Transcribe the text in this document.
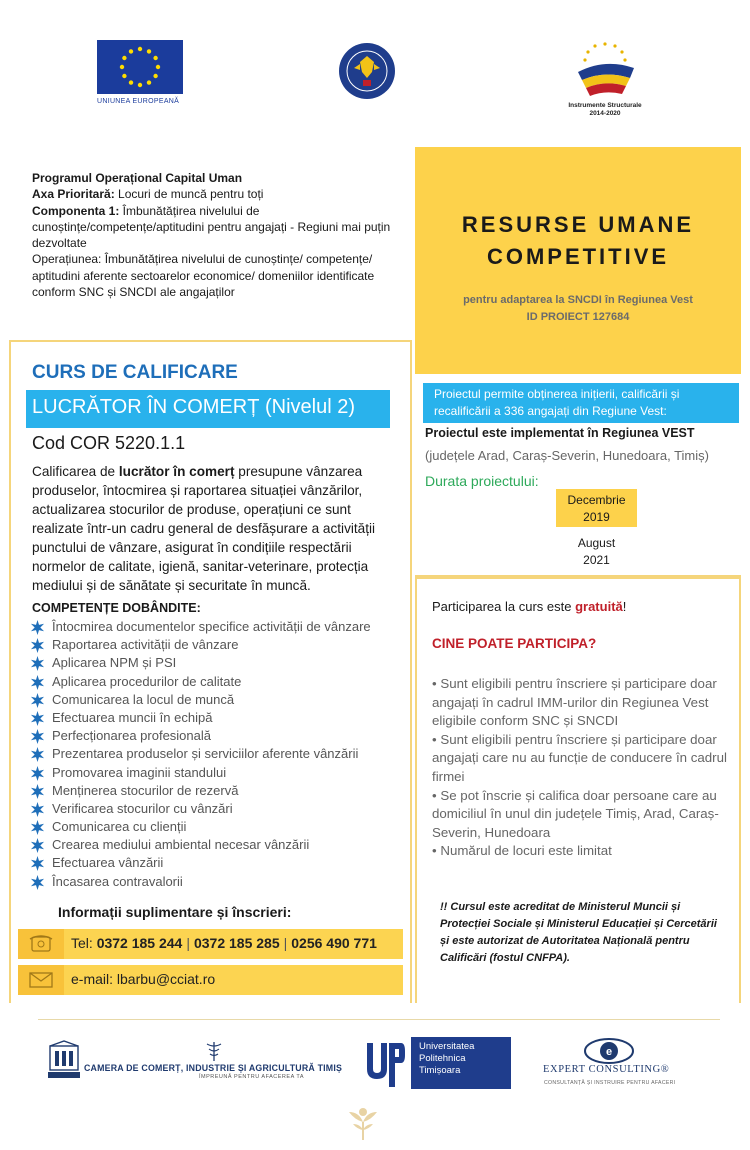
UNIUNEA EUROPEANĂ
Instrumente Structurale
2014-2020
Programul Operațional Capital Uman
Axa Prioritară: Locuri de muncă pentru toți
Componenta 1: Îmbunătățirea nivelului de cunoștințe/competențe/aptitudini pentru angajați - Regiuni mai puțin dezvoltate
Operațiunea: Îmbunătățirea nivelului de cunoștințe/ competențe/ aptitudini aferente sectoarelor economice/ domeniilor identificate conform SNC și SNCDI ale angajaților
RESURSE UMANE
COMPETITIVE
pentru adaptarea la SNCDI în Regiunea Vest
ID PROIECT 127684
CURS DE CALIFICARE
LUCRĂTOR ÎN COMERȚ (Nivelul 2)
Cod COR 5220.1.1
Calificarea de lucrător în comerț presupune vânzarea produselor, întocmirea și raportarea situației vânzărilor, actualizarea stocurilor de produse, operațiuni ce sunt realizate într-un cadru general de desfășurare a activității punctului de vânzare, asigurat în condițiile respectării normelor de calitate, igienă, sanitar-veterinare, protecția mediului și de sănătate și securitate în muncă.
COMPETENȚE DOBÂNDITE:
Întocmirea documentelor specifice activității de vânzare
Raportarea activității de vânzare
Aplicarea NPM și PSI
Aplicarea procedurilor de calitate
Comunicarea la locul de muncă
Efectuarea muncii în echipă
Perfecționarea profesională
Prezentarea produselor și serviciilor aferente vânzării
Promovarea imaginii standului
Menținerea stocurilor de rezervă
Verificarea stocurilor cu vânzări
Comunicarea cu clienții
Crearea mediului ambiental necesar vânzării
Efectuarea vânzării
Încasarea contravalorii
Informații suplimentare și înscrieri:
Tel: 0372 185 244 | 0372 185 285 | 0256 490 771
e-mail: lbarbu@cciat.ro
Proiectul permite obținerea inițierii, calificării și recalificării a 336 angajați din Regiune Vest:
Proiectul este implementat în Regiunea VEST
(județele Arad, Caraș-Severin, Hunedoara, Timiș)
Durata proiectului:
Decembrie
2019
August
2021
Participarea la curs este gratuită!
CINE POATE PARTICIPA?

• Sunt eligibili pentru înscriere și participare doar angajați în cadrul IMM-urilor din Regiunea Vest eligibile conform SNC și SNCDI

• Sunt eligibili pentru înscriere și participare doar angajați care nu au funcție de conducere în cadrul firmei

• Se pot înscrie și califica doar persoane care au domiciliul în unul din județele Timiș, Arad, Caraș-Severin, Hunedoara

• Numărul de locuri este limitat

!! Cursul este acreditat de Ministerul Muncii și Protecției Sociale și Ministerul Educației și Cercetării și este autorizat de Autoritatea Națională pentru Calificări (fostul CNFPA).
CAMERA DE COMERȚ, INDUSTRIE ȘI AGRICULTURĂ TIMIȘ
ÎMPREUNĂ PENTRU AFACEREA TA
Universitatea
Politehnica
Timișoara
e
EXPERT CONSULTING®
CONSULTANȚĂ ȘI INSTRUIRE PENTRU AFACERI
